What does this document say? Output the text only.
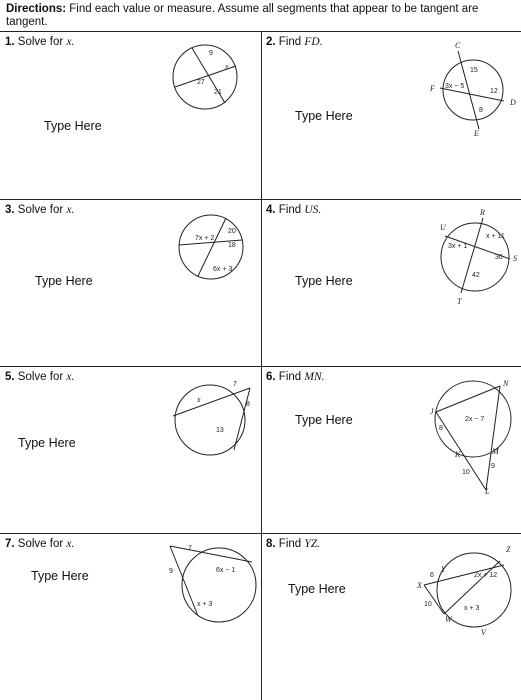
Directions: Find each value or measure. Assume all segments that appear to be tangent are tangent.
1. Solve for x.
Type Here
9
x
27
21
2. Find FD.
Type Here
C
F
D
E
15
3x − 5
12
8
3. Solve for x.
Type Here
7x + 2
20
18
6x + 3
4. Find US.
Type Here
R
U
S
T
3x + 1
x + 11
30
42
5. Solve for x.
Type Here
x
7
8
13
6. Find MN.
Type Here
J
N
M
K
L
8
2x − 7
9
10
7. Solve for x.
Type Here
7
9	6x − 1
x + 3
8. Find YZ.
Type Here
Z
X
Y
W
V
6	2x + 12
10
x + 3
